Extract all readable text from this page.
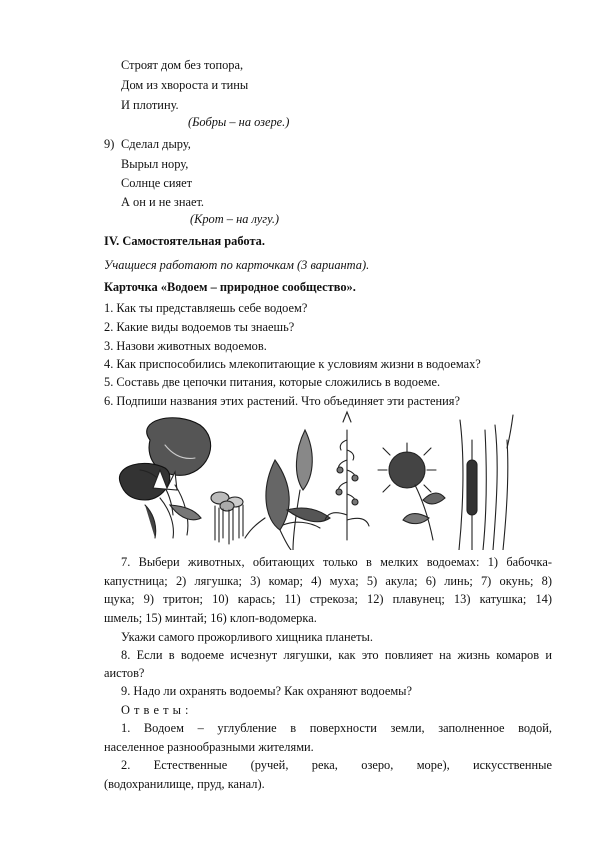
Строят дом без топора,
Дом из хвороста и тины
И плотину.
(Бобры – на озере.)
9) Сделал дыру,
Вырыл нору,
Солнце сияет
А он и не знает.
(Крот – на лугу.)
IV. Самостоятельная работа.
Учащиеся работают по карточкам (3 варианта).
Карточка «Водоем – природное сообщество».
1. Как ты представляешь себе водоем?
2. Какие виды водоемов ты знаешь?
3. Назови животных водоемов.
4. Как приспособились млекопитающие к условиям жизни в водоемах?
5. Составь две цепочки питания, которые сложились в водоеме.
6. Подпиши названия этих растений. Что объединяет эти растения?
7. Выбери животных, обитающих только в мелких водоемах: 1) бабочка-
капустница; 2) лягушка; 3) комар; 4) муха; 5) акула; 6) линь; 7) окунь; 8)
щука; 9) тритон; 10) карась; 11) стрекоза; 12) плавунец; 13) катушка; 14)
шмель; 15) минтай; 16) клоп-водомерка.
Укажи самого прожорливого хищника планеты.
8. Если в водоеме исчезнут лягушки, как это повлияет на жизнь комаров и
аистов?
9. Надо ли охранять водоемы? Как охраняют водоемы?
О т в е т ы :
1. Водоем – углубление в поверхности земли, заполненное водой,
населенное разнообразными жителями.
2. Естественные (ручей, река, озеро, море), искусственные
(водохранилище, пруд, канал).
